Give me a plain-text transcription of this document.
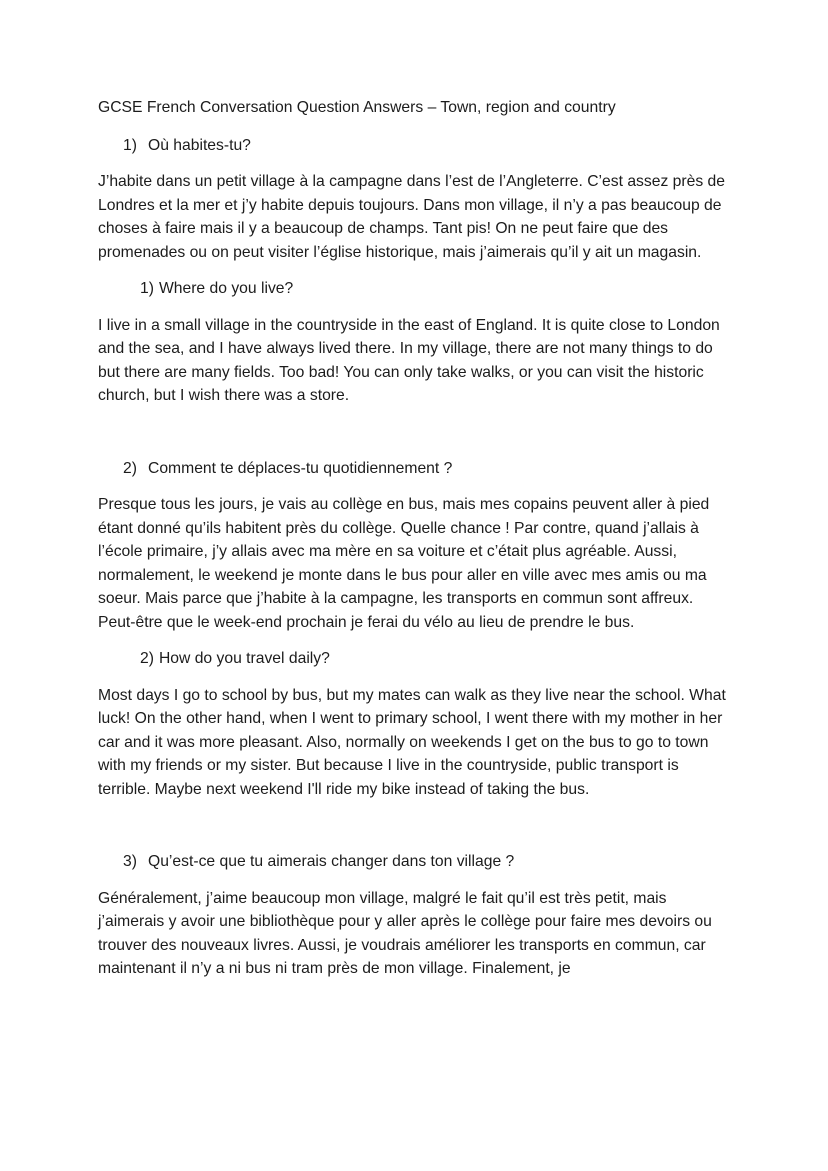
GCSE French Conversation Question Answers – Town, region and country

1) Où habites-tu?

J’habite dans un petit village à la campagne dans l’est de l’Angleterre. C’est assez près de Londres et la mer et j’y habite depuis toujours. Dans mon village, il n’y a pas beaucoup de choses à faire mais il y a beaucoup de champs. Tant pis! On ne peut faire que des promenades ou on peut visiter l’église historique, mais j’aimerais qu’il y ait un magasin.

1) Where do you live?

I live in a small village in the countryside in the east of England. It is quite close to London and the sea, and I have always lived there. In my village, there are not many things to do but there are many fields. Too bad! You can only take walks, or you can visit the historic church, but I wish there was a store.

2) Comment te déplaces-tu quotidiennement ?

Presque tous les jours, je vais au collège en bus, mais mes copains peuvent aller à pied étant donné qu’ils habitent près du collège. Quelle chance ! Par contre, quand j’allais à l’école primaire, j’y allais avec ma mère en sa voiture et c’était plus agréable. Aussi, normalement, le weekend je monte dans le bus pour aller en ville avec mes amis ou ma soeur. Mais parce que j’habite à la campagne, les transports en commun sont affreux. Peut-être que le week-end prochain je ferai du vélo au lieu de prendre le bus.

2) How do you travel daily?

Most days I go to school by bus, but my mates can walk as they live near the school. What luck! On the other hand, when I went to primary school, I went there with my mother in her car and it was more pleasant. Also, normally on weekends I get on the bus to go to town with my friends or my sister. But because I live in the countryside, public transport is terrible. Maybe next weekend I'll ride my bike instead of taking the bus.

3) Qu’est-ce que tu aimerais changer dans ton village ?

Généralement, j’aime beaucoup mon village, malgré le fait qu’il est très petit, mais j’aimerais y avoir une bibliothèque pour y aller après le collège pour faire mes devoirs ou trouver des nouveaux livres. Aussi, je voudrais améliorer les transports en commun, car maintenant il n’y a ni bus ni tram près de mon village. Finalement, je
